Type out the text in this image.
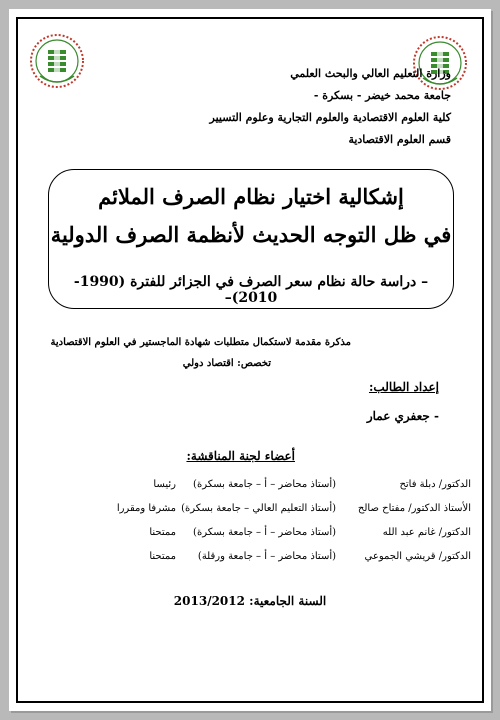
وزارة التعليم العالي والبحث العلمي
جامعة محمد خيضر - بسكرة -
كلية العلوم الاقتصادية والعلوم التجارية وعلوم التسيير
قسم العلوم الاقتصادية
إشكالية اختيار نظام الصرف الملائم
في ظل التوجه الحديث لأنظمة الصرف الدولية
– دراسة حالة نظام سعر الصرف في الجزائر للفترة (1990-2010)–
مذكرة مقدمة لاستكمال متطلبات شهادة الماجستير في العلوم الاقتصادية
تخصص: اقتصاد دولي
إعداد الطالب:
- جعفري عمار
أعضاء لجنة المناقشة:
الدكتور/ دبلة فاتح
(أستاذ محاضر – أ – جامعة بسكرة)
رئيسا
الأستاذ الدكتور/ مفتاح صالح
(أستاذ التعليم العالي – جامعة بسكرة)
مشرفا ومقررا
الدكتور/ غانم عبد الله
(أستاذ محاضر – أ – جامعة بسكرة)
ممتحنا
الدكتور/ قريشي الجموعي
(أستاذ محاضر – أ – جامعة ورقلة)
ممتحنا
السنة الجامعية: 2013/2012
